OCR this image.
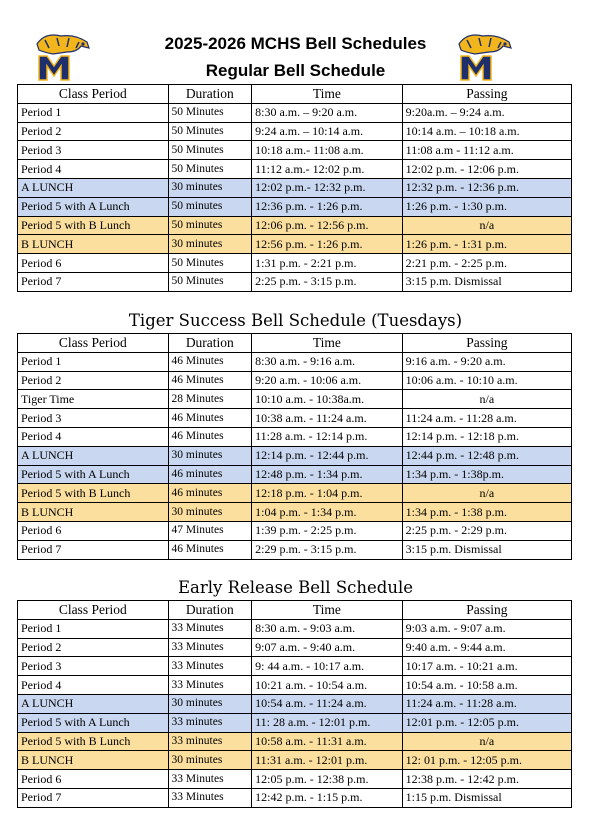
2025-2026 MCHS Bell Schedules
Regular Bell Schedule
Tiger Success Bell Schedule (Tuesdays)
Early Release Bell Schedule
Class Period	Duration	Time	Passing
Period 1	50 Minutes	8:30 a.m. – 9:20 a.m.	9:20a.m. – 9:24 a.m.
Period 2	50 Minutes	9:24 a.m. – 10:14 a.m.	10:14 a.m. – 10:18 a.m.
Period 3	50 Minutes	10:18 a.m.- 11:08 a.m.	11:08 a.m - 11:12 a.m.
Period 4	50 Minutes	11:12 a.m.- 12:02 p.m.	12:02 p.m. - 12:06 p.m.
A LUNCH	30 minutes	12:02 p.m.- 12:32 p.m.	12:32 p.m. - 12:36 p.m.
Period 5 with A Lunch	50 minutes	12:36 p.m. - 1:26 p.m.	1:26 p.m. - 1:30 p.m.
Period 5 with B Lunch	50 minutes	12:06 p.m. - 12:56 p.m.	n/a
B LUNCH	30 minutes	12:56 p.m. - 1:26 p.m.	1:26 p.m. - 1:31 p.m.
Period 6	50 Minutes	1:31 p.m. - 2:21 p.m.	2:21 p.m. - 2:25 p.m.
Period 7	50 Minutes	2:25 p.m. - 3:15 p.m.	3:15 p.m. Dismissal
Class Period	Duration	Time	Passing
Period 1	46 Minutes	8:30 a.m. - 9:16 a.m.	9:16 a.m. - 9:20 a.m.
Period 2	46 Minutes	9:20 a.m. - 10:06 a.m.	10:06 a.m. - 10:10 a.m.
Tiger Time	28 Minutes	10:10 a.m. - 10:38a.m.	n/a
Period 3	46 Minutes	10:38 a.m. - 11:24 a.m.	11:24 a.m. - 11:28 a.m.
Period 4	46 Minutes	11:28 a.m. - 12:14 p.m.	12:14 p.m. - 12:18 p.m.
A LUNCH	30 minutes	12:14 p.m. - 12:44 p.m.	12:44 p.m. - 12:48 p.m.
Period 5 with A Lunch	46 minutes	12:48 p.m. - 1:34 p.m.	1:34 p.m. - 1:38p.m.
Period 5 with B Lunch	46 minutes	12:18 p.m. - 1:04 p.m.	n/a
B LUNCH	30 minutes	1:04 p.m. - 1:34 p.m.	1:34 p.m. - 1:38 p.m.
Period 6	47 Minutes	1:39 p.m. - 2:25 p.m.	2:25 p.m. - 2:29 p.m.
Period 7	46 Minutes	2:29 p.m. - 3:15 p.m.	3:15 p.m. Dismissal
Class Period	Duration	Time	Passing
Period 1	33 Minutes	8:30 a.m. - 9:03 a.m.	9:03 a.m. - 9:07 a.m.
Period 2	33 Minutes	9:07 a.m. - 9:40 a.m.	9:40 a.m. - 9:44 a.m.
Period 3	33 Minutes	9: 44 a.m. - 10:17 a.m.	10:17 a.m. - 10:21 a.m.
Period 4	33 Minutes	10:21 a.m. - 10:54 a.m.	10:54 a.m. - 10:58 a.m.
A LUNCH	30 minutes	10:54 a.m. - 11:24 a.m.	11:24 a.m. - 11:28 a.m.
Period 5 with A Lunch	33 minutes	11: 28 a.m. - 12:01 p.m.	12:01 p.m. - 12:05 p.m.
Period 5 with B Lunch	33 minutes	10:58 a.m. - 11:31 a.m.	n/a
B LUNCH	30 minutes	11:31 a.m. - 12:01 p.m.	12: 01 p.m. - 12:05 p.m.
Period 6	33 Minutes	12:05 p.m. - 12:38 p.m.	12:38 p.m. - 12:42 p.m.
Period 7	33 Minutes	12:42 p.m. - 1:15 p.m.	1:15 p.m. Dismissal
